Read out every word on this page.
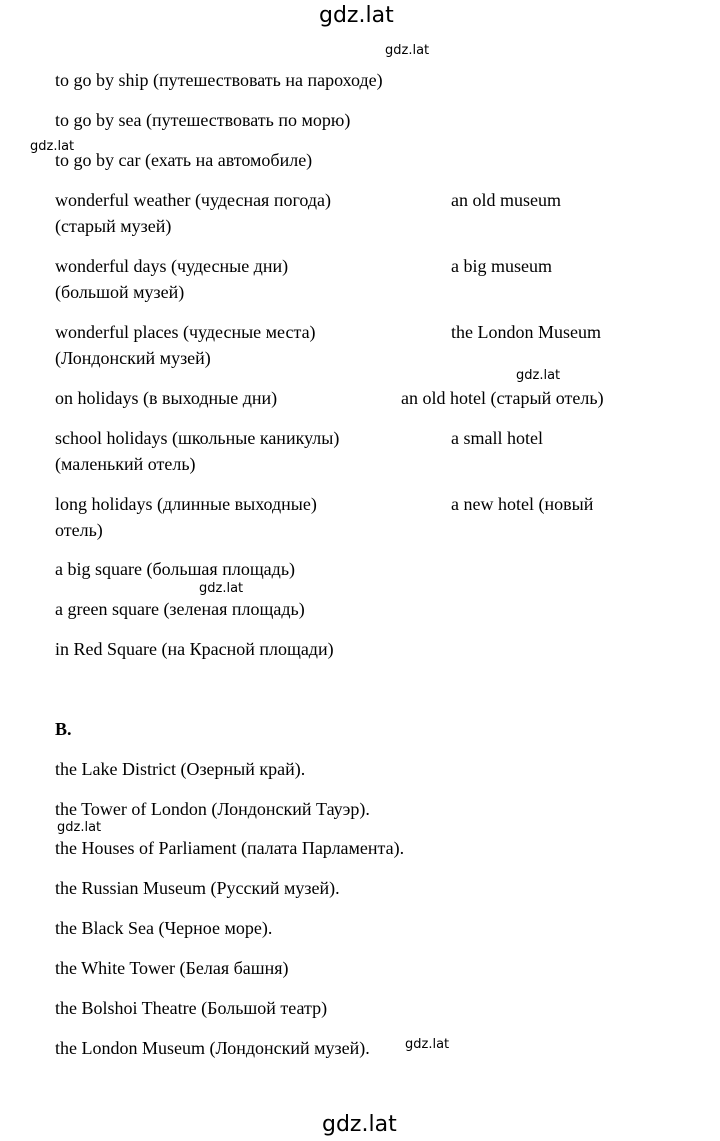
gdz.lat
gdz.lat
gdz.lat
gdz.lat
gdz.lat
gdz.lat
gdz.lat
gdz.lat
to go by ship (путешествовать на пароходе)
to go by sea (путешествовать по морю)
to go by car (ехать на автомобиле)
wonderful weather (чудесная погода)
(старый музей)
wonderful days (чудесные дни)
(большой музей)
wonderful places (чудесные места)
(Лондонский музей)
on holidays (в выходные дни)
school holidays (школьные каникулы)
(маленький отель)
long holidays (длинные выходные)
отель)
a big square (большая площадь)
a green square (зеленая площадь)
in Red Square (на Красной площади)
an old museum
a big museum
the London Museum
an old hotel (старый отель)
a small hotel
a new hotel (новый
B.
the Lake District (Озерный край).
the Tower of London (Лондонский Тауэр).
the Houses of Parliament (палата Парламента).
the Russian Museum (Русский музей).
the Black Sea (Черное море).
the White Tower (Белая башня)
the Bolshoi Theatre (Большой театр)
the London Museum (Лондонский музей).
